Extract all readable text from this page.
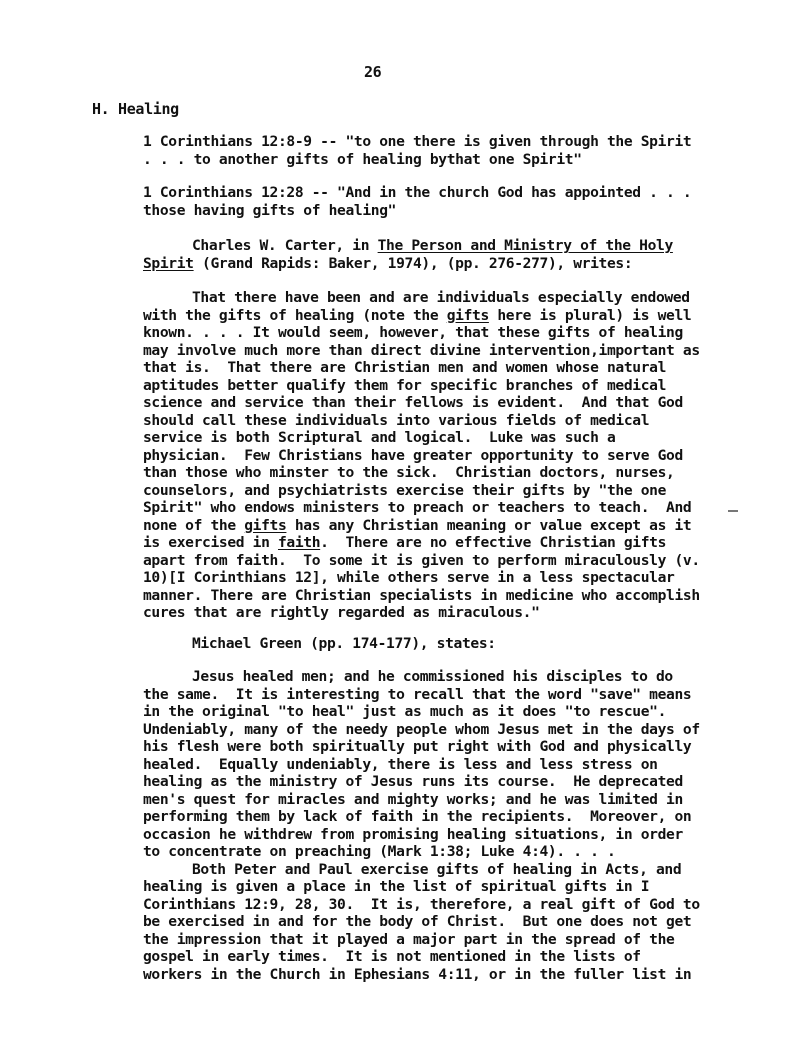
26
H. Healing
1 Corinthians 12:8-9 -- "to one there is given through the Spirit
. . . to another gifts of healing bythat one Spirit"
1 Corinthians 12:28 -- "And in the church God has appointed . . .
those having gifts of healing"
Charles W. Carter, in The Person and Ministry of the Holy
Spirit (Grand Rapids: Baker, 1974), (pp. 276-277), writes:
That there have been and are individuals especially endowed
with the gifts of healing (note the gifts here is plural) is well
known. . . . It would seem, however, that these gifts of healing
may involve much more than direct divine intervention,important as
that is.  That there are Christian men and women whose natural
aptitudes better qualify them for specific branches of medical
science and service than their fellows is evident.  And that God
should call these individuals into various fields of medical
service is both Scriptural and logical.  Luke was such a
physician.  Few Christians have greater opportunity to serve God
than those who minster to the sick.  Christian doctors, nurses,
counselors, and psychiatrists exercise their gifts by "the one
Spirit" who endows ministers to preach or teachers to teach.  And
none of the gifts has any Christian meaning or value except as it
is exercised in faith.  There are no effective Christian gifts
apart from faith.  To some it is given to perform miraculously (v.
10)[I Corinthians 12], while others serve in a less spectacular
manner. There are Christian specialists in medicine who accomplish
cures that are rightly regarded as miraculous."
Michael Green (pp. 174-177), states:
Jesus healed men; and he commissioned his disciples to do
the same.  It is interesting to recall that the word "save" means
in the original "to heal" just as much as it does "to rescue".
Undeniably, many of the needy people whom Jesus met in the days of
his flesh were both spiritually put right with God and physically
healed.  Equally undeniably, there is less and less stress on
healing as the ministry of Jesus runs its course.  He deprecated
men's quest for miracles and mighty works; and he was limited in
performing them by lack of faith in the recipients.  Moreover, on
occasion he withdrew from promising healing situations, in order
to concentrate on preaching (Mark 1:38; Luke 4:4). . . .
Both Peter and Paul exercise gifts of healing in Acts, and
healing is given a place in the list of spiritual gifts in I
Corinthians 12:9, 28, 30.  It is, therefore, a real gift of God to
be exercised in and for the body of Christ.  But one does not get
the impression that it played a major part in the spread of the
gospel in early times.  It is not mentioned in the lists of
workers in the Church in Ephesians 4:11, or in the fuller list in
